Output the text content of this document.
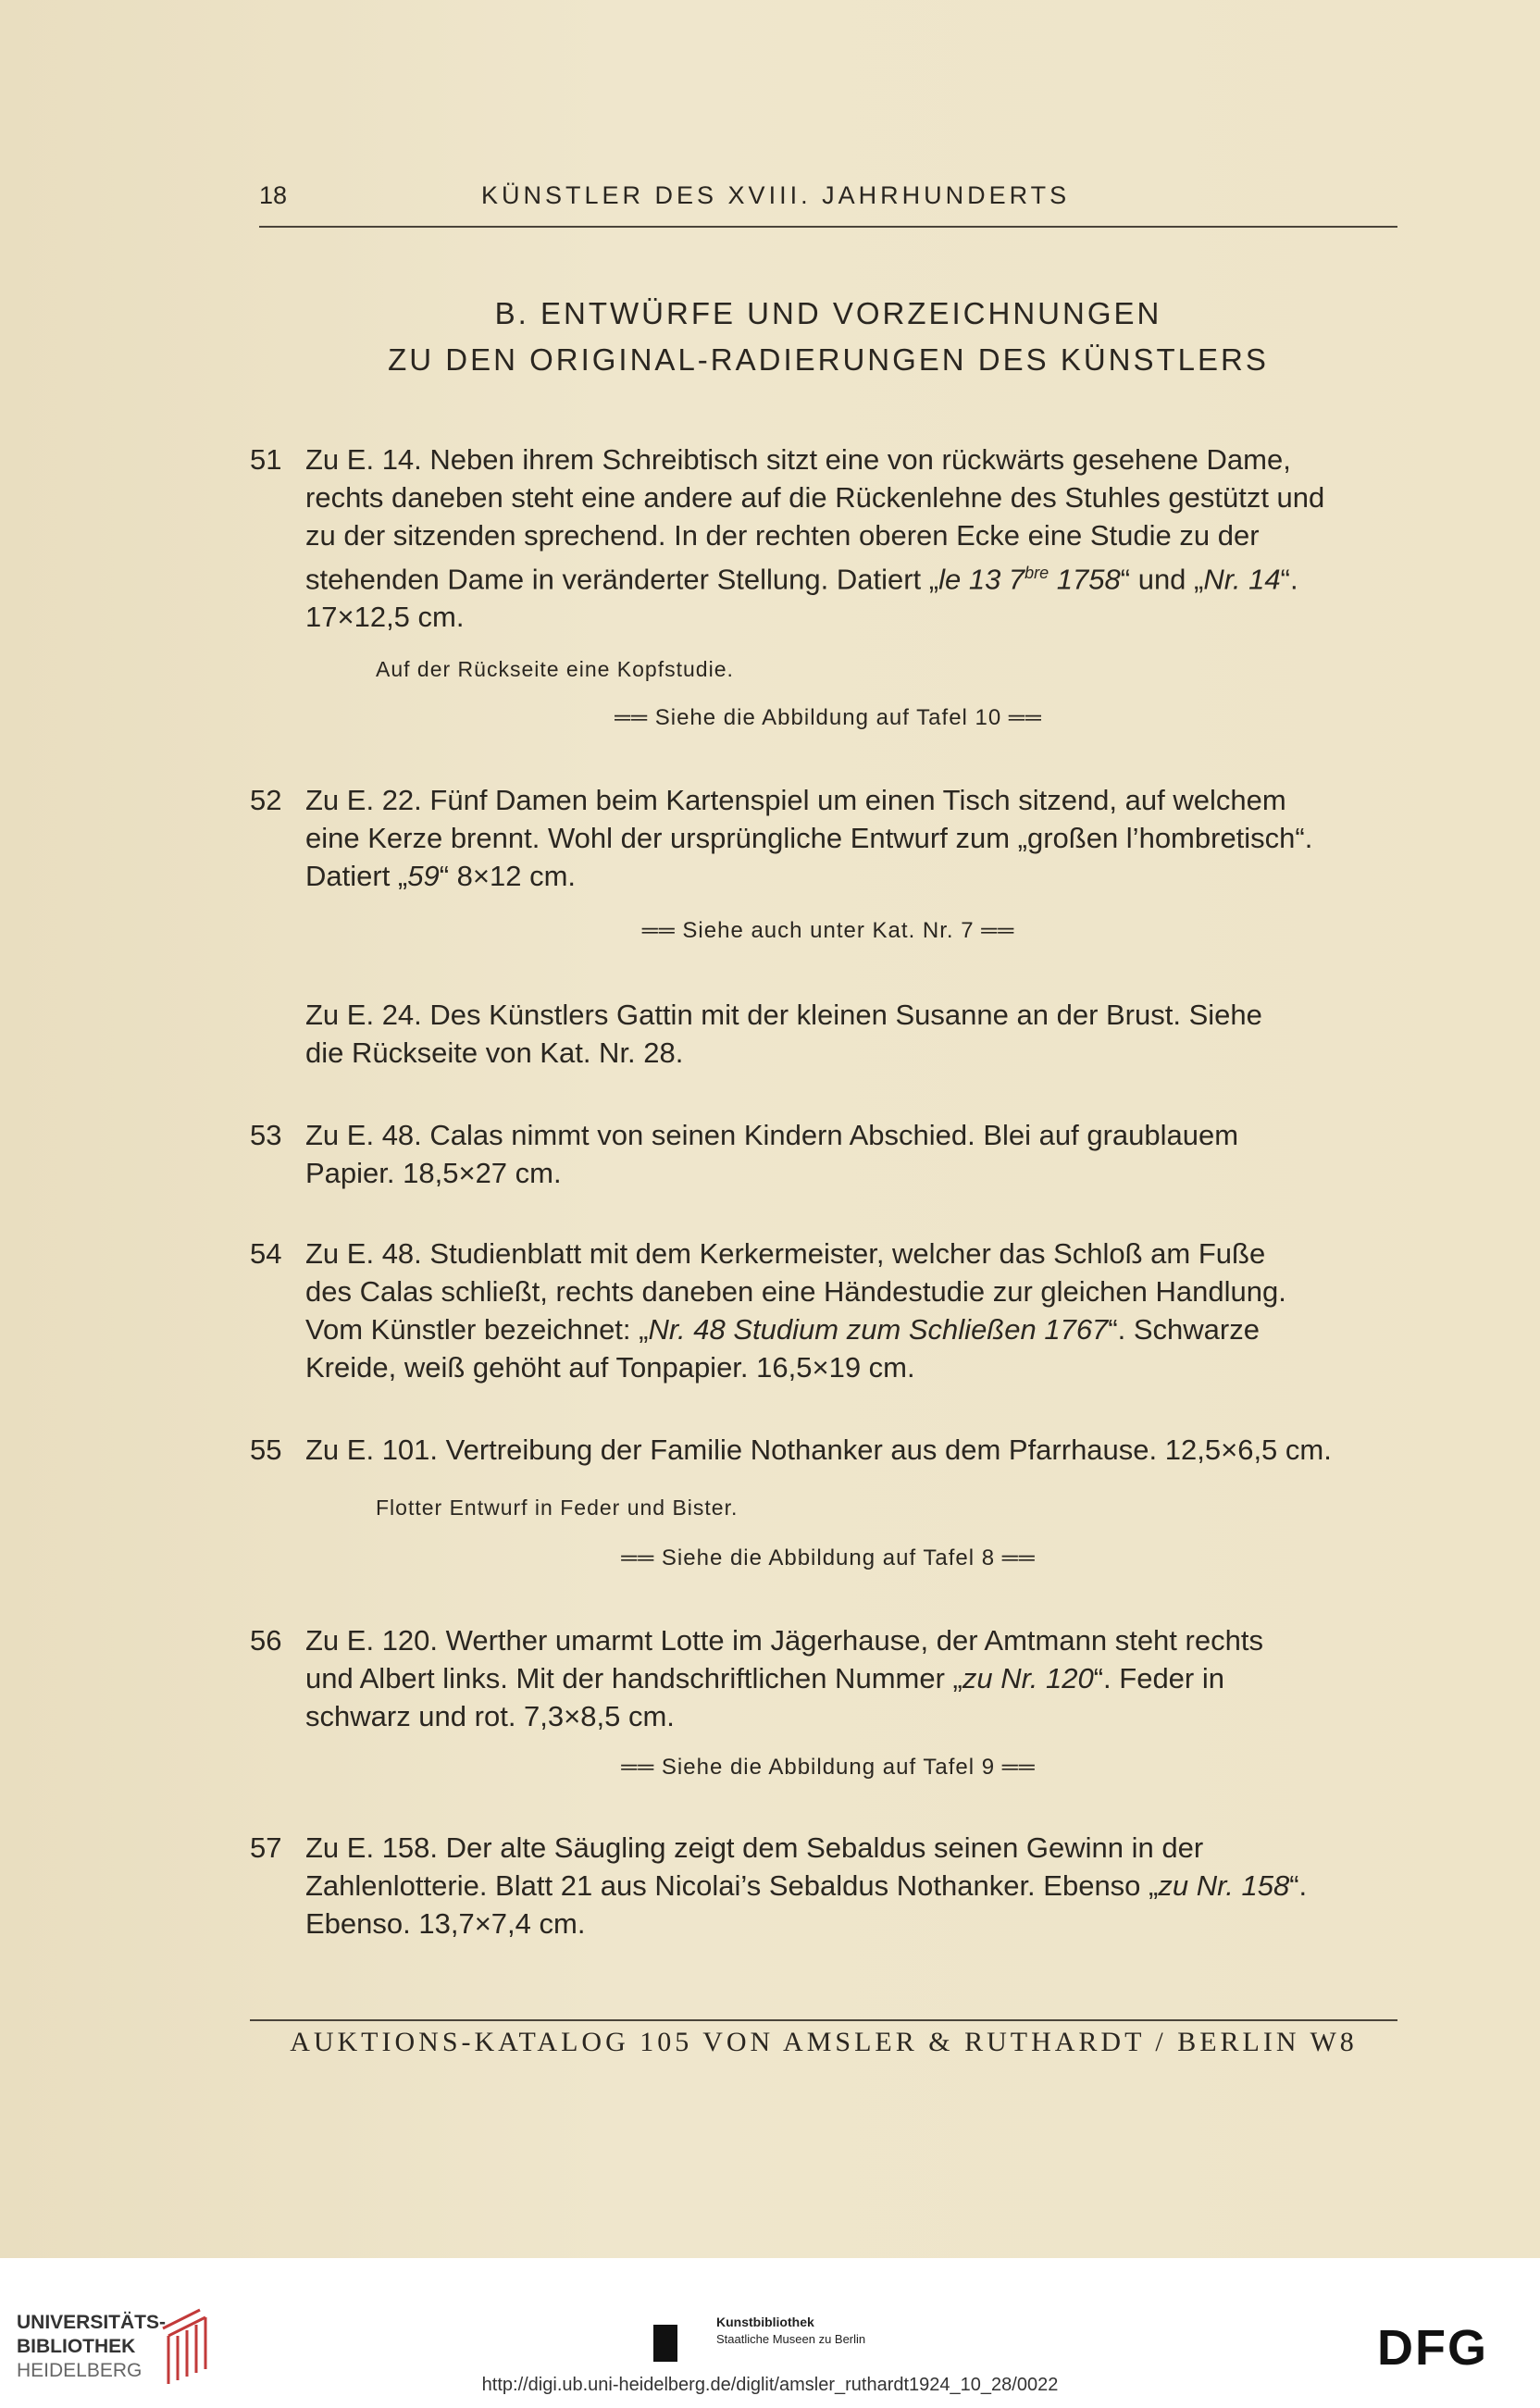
18	KÜNSTLER DES XVIII. JAHRHUNDERTS
B. ENTWÜRFE UND VORZEICHNUNGEN
ZU DEN ORIGINAL-RADIERUNGEN DES KÜNSTLERS
51 Zu E. 14. Neben ihrem Schreibtisch sitzt eine von rückwärts gesehene Dame,
rechts daneben steht eine andere auf die Rückenlehne des Stuhles gestützt und
zu der sitzenden sprechend. In der rechten oberen Ecke eine Studie zu der
stehenden Dame in veränderter Stellung. Datiert „le 13 $7^{bre}$ 1758“ und „Nr. 14“.
17×12,5 cm.
Auf der Rückseite eine Kopfstudie.
══ Siehe die Abbildung auf Tafel 10 ══
52 Zu E. 22. Fünf Damen beim Kartenspiel um einen Tisch sitzend, auf welchem
eine Kerze brennt. Wohl der ursprüngliche Entwurf zum „großen l’hombretisch“.
Datiert „59“ 8×12 cm.
══ Siehe auch unter Kat. Nr. 7 ══
Zu E. 24. Des Künstlers Gattin mit der kleinen Susanne an der Brust. Siehe
die Rückseite von Kat. Nr. 28.
53 Zu E. 48. Calas nimmt von seinen Kindern Abschied. Blei auf graublauem
Papier. 18,5×27 cm.
54 Zu E. 48. Studienblatt mit dem Kerkermeister, welcher das Schloß am Fuße
des Calas schließt, rechts daneben eine Händestudie zur gleichen Handlung.
Vom Künstler bezeichnet: „Nr. 48 Studium zum Schließen 1767“. Schwarze
Kreide, weiß gehöht auf Tonpapier. 16,5×19 cm.
55 Zu E. 101. Vertreibung der Familie Nothanker aus dem Pfarrhause. 12,5×6,5 cm.
Flotter Entwurf in Feder und Bister.
══ Siehe die Abbildung auf Tafel 8 ══
56 Zu E. 120. Werther umarmt Lotte im Jägerhause, der Amtmann steht rechts
und Albert links. Mit der handschriftlichen Nummer „zu Nr. 120“. Feder in
schwarz und rot. 7,3×8,5 cm.
══ Siehe die Abbildung auf Tafel 9 ══
57 Zu E. 158. Der alte Säugling zeigt dem Sebaldus seinen Gewinn in der
Zahlenlotterie. Blatt 21 aus Nicolai’s Sebaldus Nothanker. Ebenso „zu Nr. 158“.
Ebenso. 13,7×7,4 cm.
AUKTIONS-KATALOG 105 VON AMSLER & RUTHARDT / BERLIN W8
UNIVERSITÄTS-
BIBLIOTHEK
HEIDELBERG
Kunstbibliothek
Staatliche Museen zu Berlin	DFG
http://digi.ub.uni-heidelberg.de/diglit/amsler_ruthardt1924_10_28/0022
